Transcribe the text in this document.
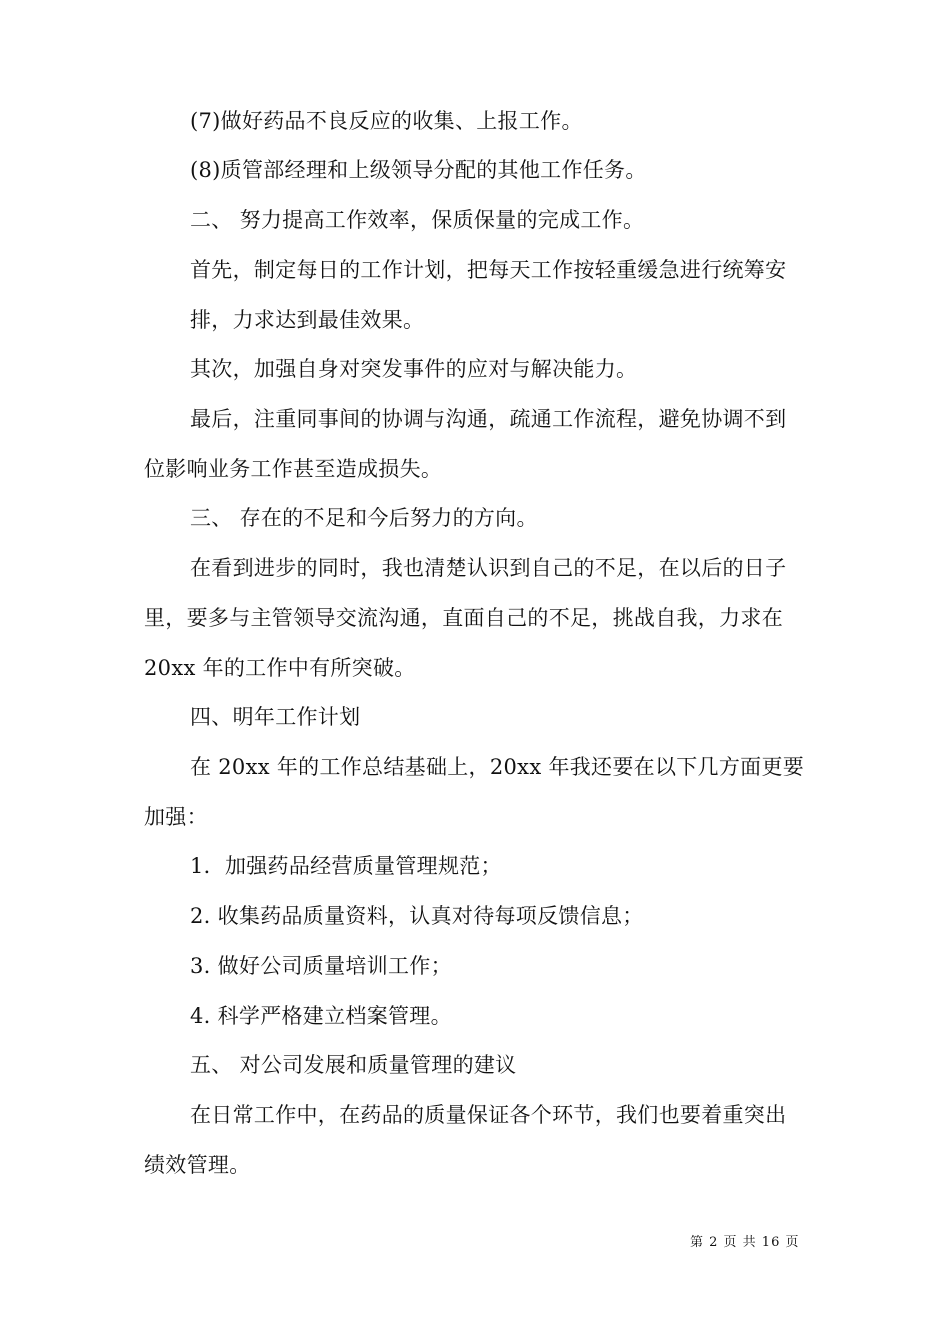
(7)做好药品不良反应的收集、上报工作。
(8)质管部经理和上级领导分配的其他工作任务。
二、 努力提高工作效率，保质保量的完成工作。
首先，制定每日的工作计划，把每天工作按轻重缓急进行统筹安
排，力求达到最佳效果。
其次，加强自身对突发事件的应对与解决能力。
最后，注重同事间的协调与沟通，疏通工作流程，避免协调不到
位影响业务工作甚至造成损失。
三、 存在的不足和今后努力的方向。
在看到进步的同时，我也清楚认识到自己的不足，在以后的日子
里，要多与主管领导交流沟通，直面自己的不足，挑战自我，力求在
20xx 年的工作中有所突破。
四、明年工作计划
在 20xx 年的工作总结基础上，20xx 年我还要在以下几方面更要
加强：
1．加强药品经营质量管理规范；
2. 收集药品质量资料，认真对待每项反馈信息；
3. 做好公司质量培训工作；
4. 科学严格建立档案管理。
五、 对公司发展和质量管理的建议
在日常工作中，在药品的质量保证各个环节，我们也要着重突出
绩效管理。
第 2 页 共 16 页
